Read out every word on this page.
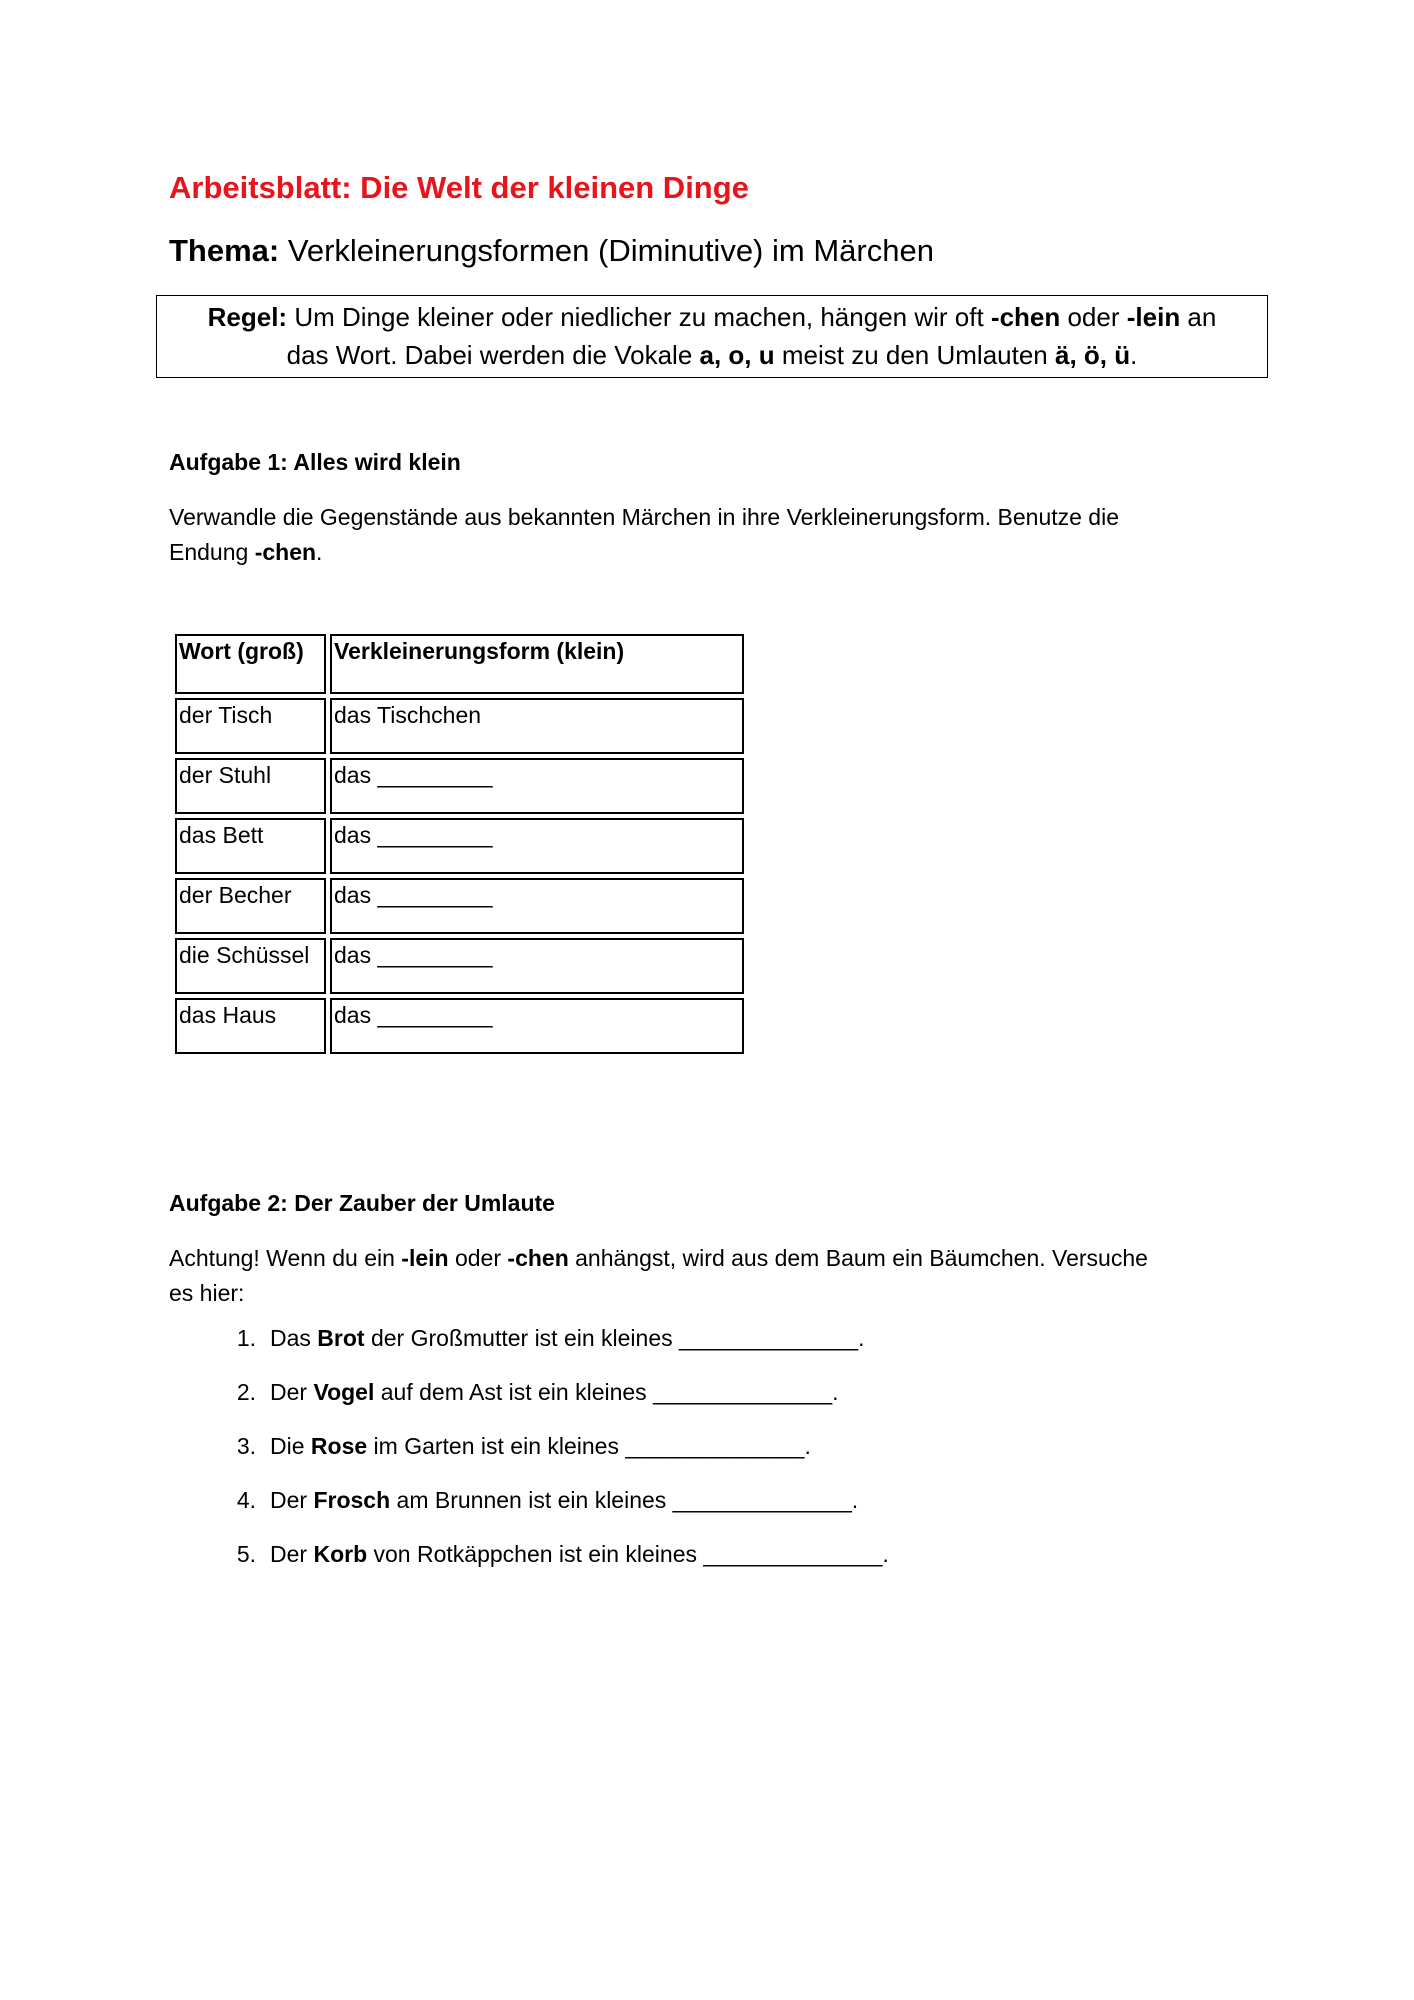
Arbeitsblatt: Die Welt der kleinen Dinge
Thema: Verkleinerungsformen (Diminutive) im Märchen
Regel: Um Dinge kleiner oder niedlicher zu machen, hängen wir oft -chen oder -lein an
das Wort. Dabei werden die Vokale a, o, u meist zu den Umlauten ä, ö, ü.
Aufgabe 1: Alles wird klein
Verwandle die Gegenstände aus bekannten Märchen in ihre Verkleinerungsform. Benutze die
Endung -chen.
Wort (groß)	Verkleinerungsform (klein)
der Tisch	das Tischchen
der Stuhl	das _________
das Bett	das _________
der Becher	das _________
die Schüssel	das _________
das Haus	das _________
Aufgabe 2: Der Zauber der Umlaute
Achtung! Wenn du ein -lein oder -chen anhängst, wird aus dem Baum ein Bäumchen. Versuche
es hier:
1. Das Brot der Großmutter ist ein kleines ______________.
2. Der Vogel auf dem Ast ist ein kleines ______________.
3. Die Rose im Garten ist ein kleines ______________.
4. Der Frosch am Brunnen ist ein kleines ______________.
5. Der Korb von Rotkäppchen ist ein kleines ______________.
